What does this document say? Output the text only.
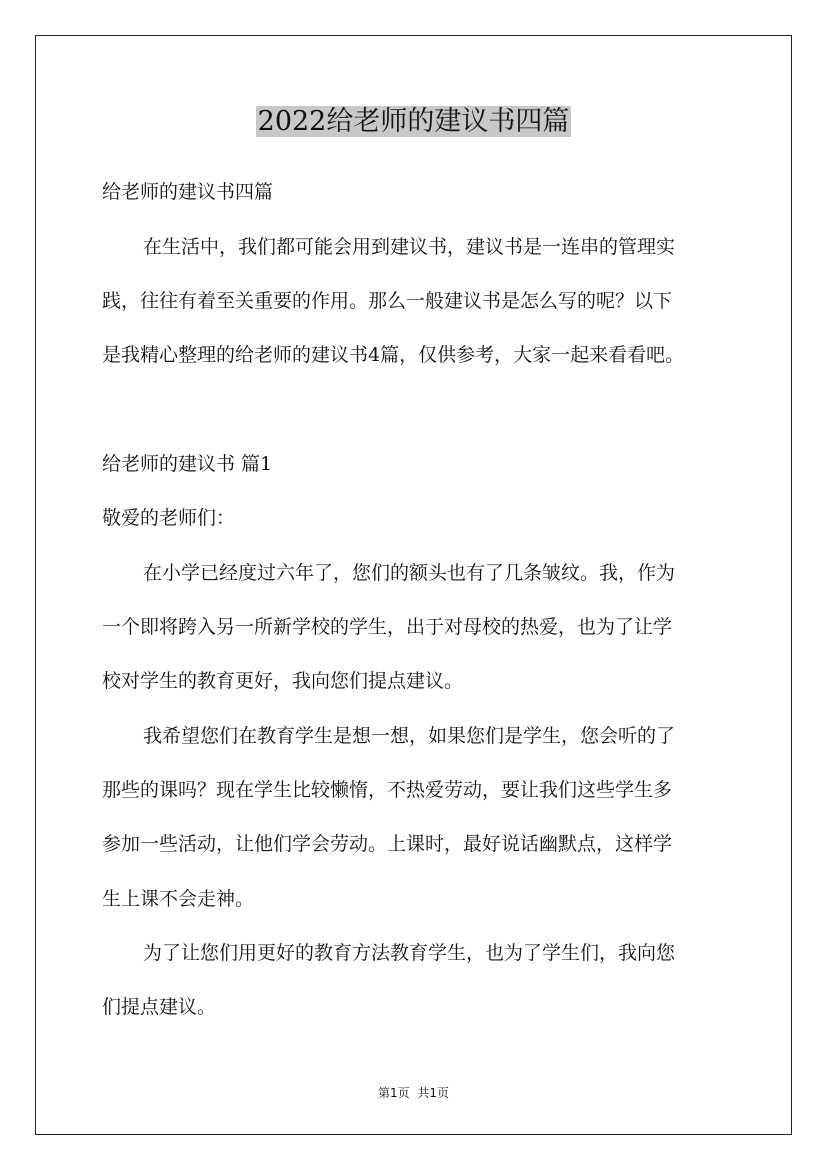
2022给老师的建议书四篇

给老师的建议书四篇

在生活中，我们都可能会用到建议书，建议书是一连串的管理实

践，往往有着至关重要的作用。那么一般建议书是怎么写的呢？以下

是我精心整理的给老师的建议书4篇，仅供参考，大家一起来看看吧。

给老师的建议书 篇1

敬爱的老师们：

在小学已经度过六年了，您们的额头也有了几条皱纹。我，作为

一个即将跨入另一所新学校的学生，出于对母校的热爱，也为了让学

校对学生的教育更好，我向您们提点建议。

我希望您们在教育学生是想一想，如果您们是学生，您会听的了

那些的课吗？现在学生比较懒惰，不热爱劳动，要让我们这些学生多

参加一些活动，让他们学会劳动。上课时，最好说话幽默点，这样学

生上课不会走神。

为了让您们用更好的教育方法教育学生，也为了学生们，我向您

们提点建议。

第1页 共1页
